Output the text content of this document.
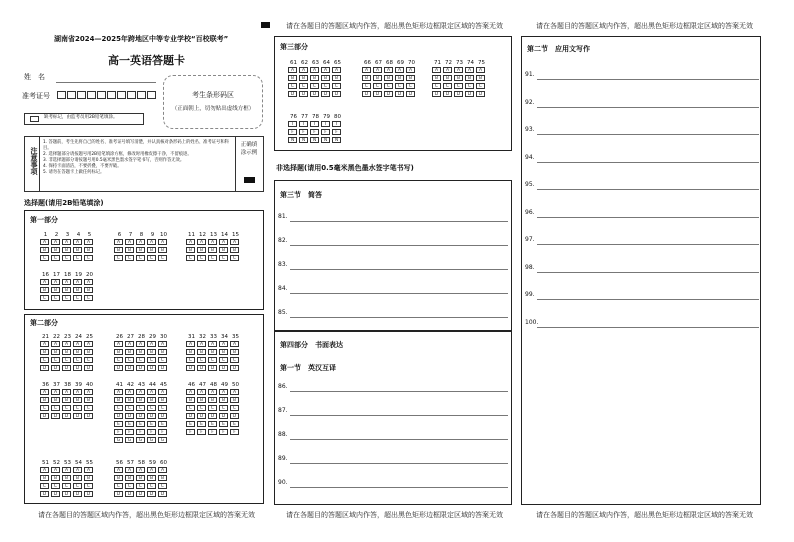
请在各题目的答题区域内作答，超出黑色矩形边框限定区域的答案无效	请在各题目的答题区域内作答，超出黑色矩形边框限定区域的答案无效
湖南省2024—2025年跨地区中等专业学校“百校联考”
高一英语答题卡
姓　名
准考证号	考生条形码区
（正面朝上，切勿贴出虚线方框）
缺考标记，由监考员用2B铅笔填涂。
注意事项
1. 答题前，考生先将自己的姓名、准考证号填写清楚，并认真核对条形码上的姓名、准考证号和科目。
2. 选择题部分请按题号用2B铅笔填涂方框，修改时用橡皮擦干净，不留痕迹。
3. 非选择题部分请按题号用0.5毫米黑色墨水签字笔书写，否则作答无效。
4. 保持卡面清洁，不要折叠，不要弄破。
5. 请勿在答题卡上做任何标记。
正确填涂示例
选择题(请用2B铅笔填涂)
第一部分
第二部分
请在各题目的答题区域内作答，超出黑色矩形边框限定区域的答案无效
第三部分
非选择题(请用0.5毫米黑色墨水签字笔书写)
第三节　简答
第四部分　书面表达
第一节　英汉互译
请在各题目的答题区域内作答，超出黑色矩形边框限定区域的答案无效
第二节　应用文写作
请在各题目的答题区域内作答，超出黑色矩形边框限定区域的答案无效
1	2	3	4	5
A	A	A	A	A
B	B	B	B	B
C	C	C	C	C
6	7	8	9	10
A	A	A	A	A
B	B	B	B	B
C	C	C	C	C
11 12 13 14 15
A	A	A	A	A
B	B	B	B	B
C	C	C	C	C
16 17 18 19 20
A	A	A	A	A
B	B	B	B	B
C	C	C	C	C
21 22 23 24 25
A	A	A	A	A
B	B	B	B	B
C	C	C	C	C
D	D	D	D	D
26 27 28 29 30
A	A	A	A	A
B	B	B	B	B
C	C	C	C	C
D	D	D	D	D
31 32 33 34 35
A	A	A	A	A
B	B	B	B	B
C	C	C	C	C
D	D	D	D	D
36 37 38 39 40
A	A	A	A	A
B	B	B	B	B
C	C	C	C	C
D	D	D	D	D
41 42 43 44 45
A	A	A	A	A
B	B	B	B	B
C	C	C	C	C
D	D	D	D	D
E	E	E	E	E
F	F	F	F	F
G	G	G	G	G
46 47 48 49 50
A	A	A	A	A
B	B	B	B	B
C	C	C	C	C
D	D	D	D	D
E	E	E	E	E
F	F	F	F	F
51 52 53 54 55
A	A	A	A	A
B	B	B	B	B
C	C	C	C	C
D	D	D	D	D
56 57 58 59 60
A	A	A	A	A
B	B	B	B	B
C	C	C	C	C
D	D	D	D	D
61 62 63 64 65
A	A	A	A	A
B	B	B	B	B
C	C	C	C	C
D	D	D	D	D
66 67 68 69 70
A	A	A	A	A
B	B	B	B	B
C	C	C	C	C
D	D	D	D	D
71 72 73 74 75
A	A	A	A	A
B	B	B	B	B
C	C	C	C	C
D	D	D	D	D
76 77 78 79 80
T	T	T	T	T
F	F	F	F	F
N	N	N	N	N
81.
82.
83.
84.
85.
86.
87.
88.
89.
90.
91.
92.
93.
94.
95.
96.
97.
98.
99.
100.
